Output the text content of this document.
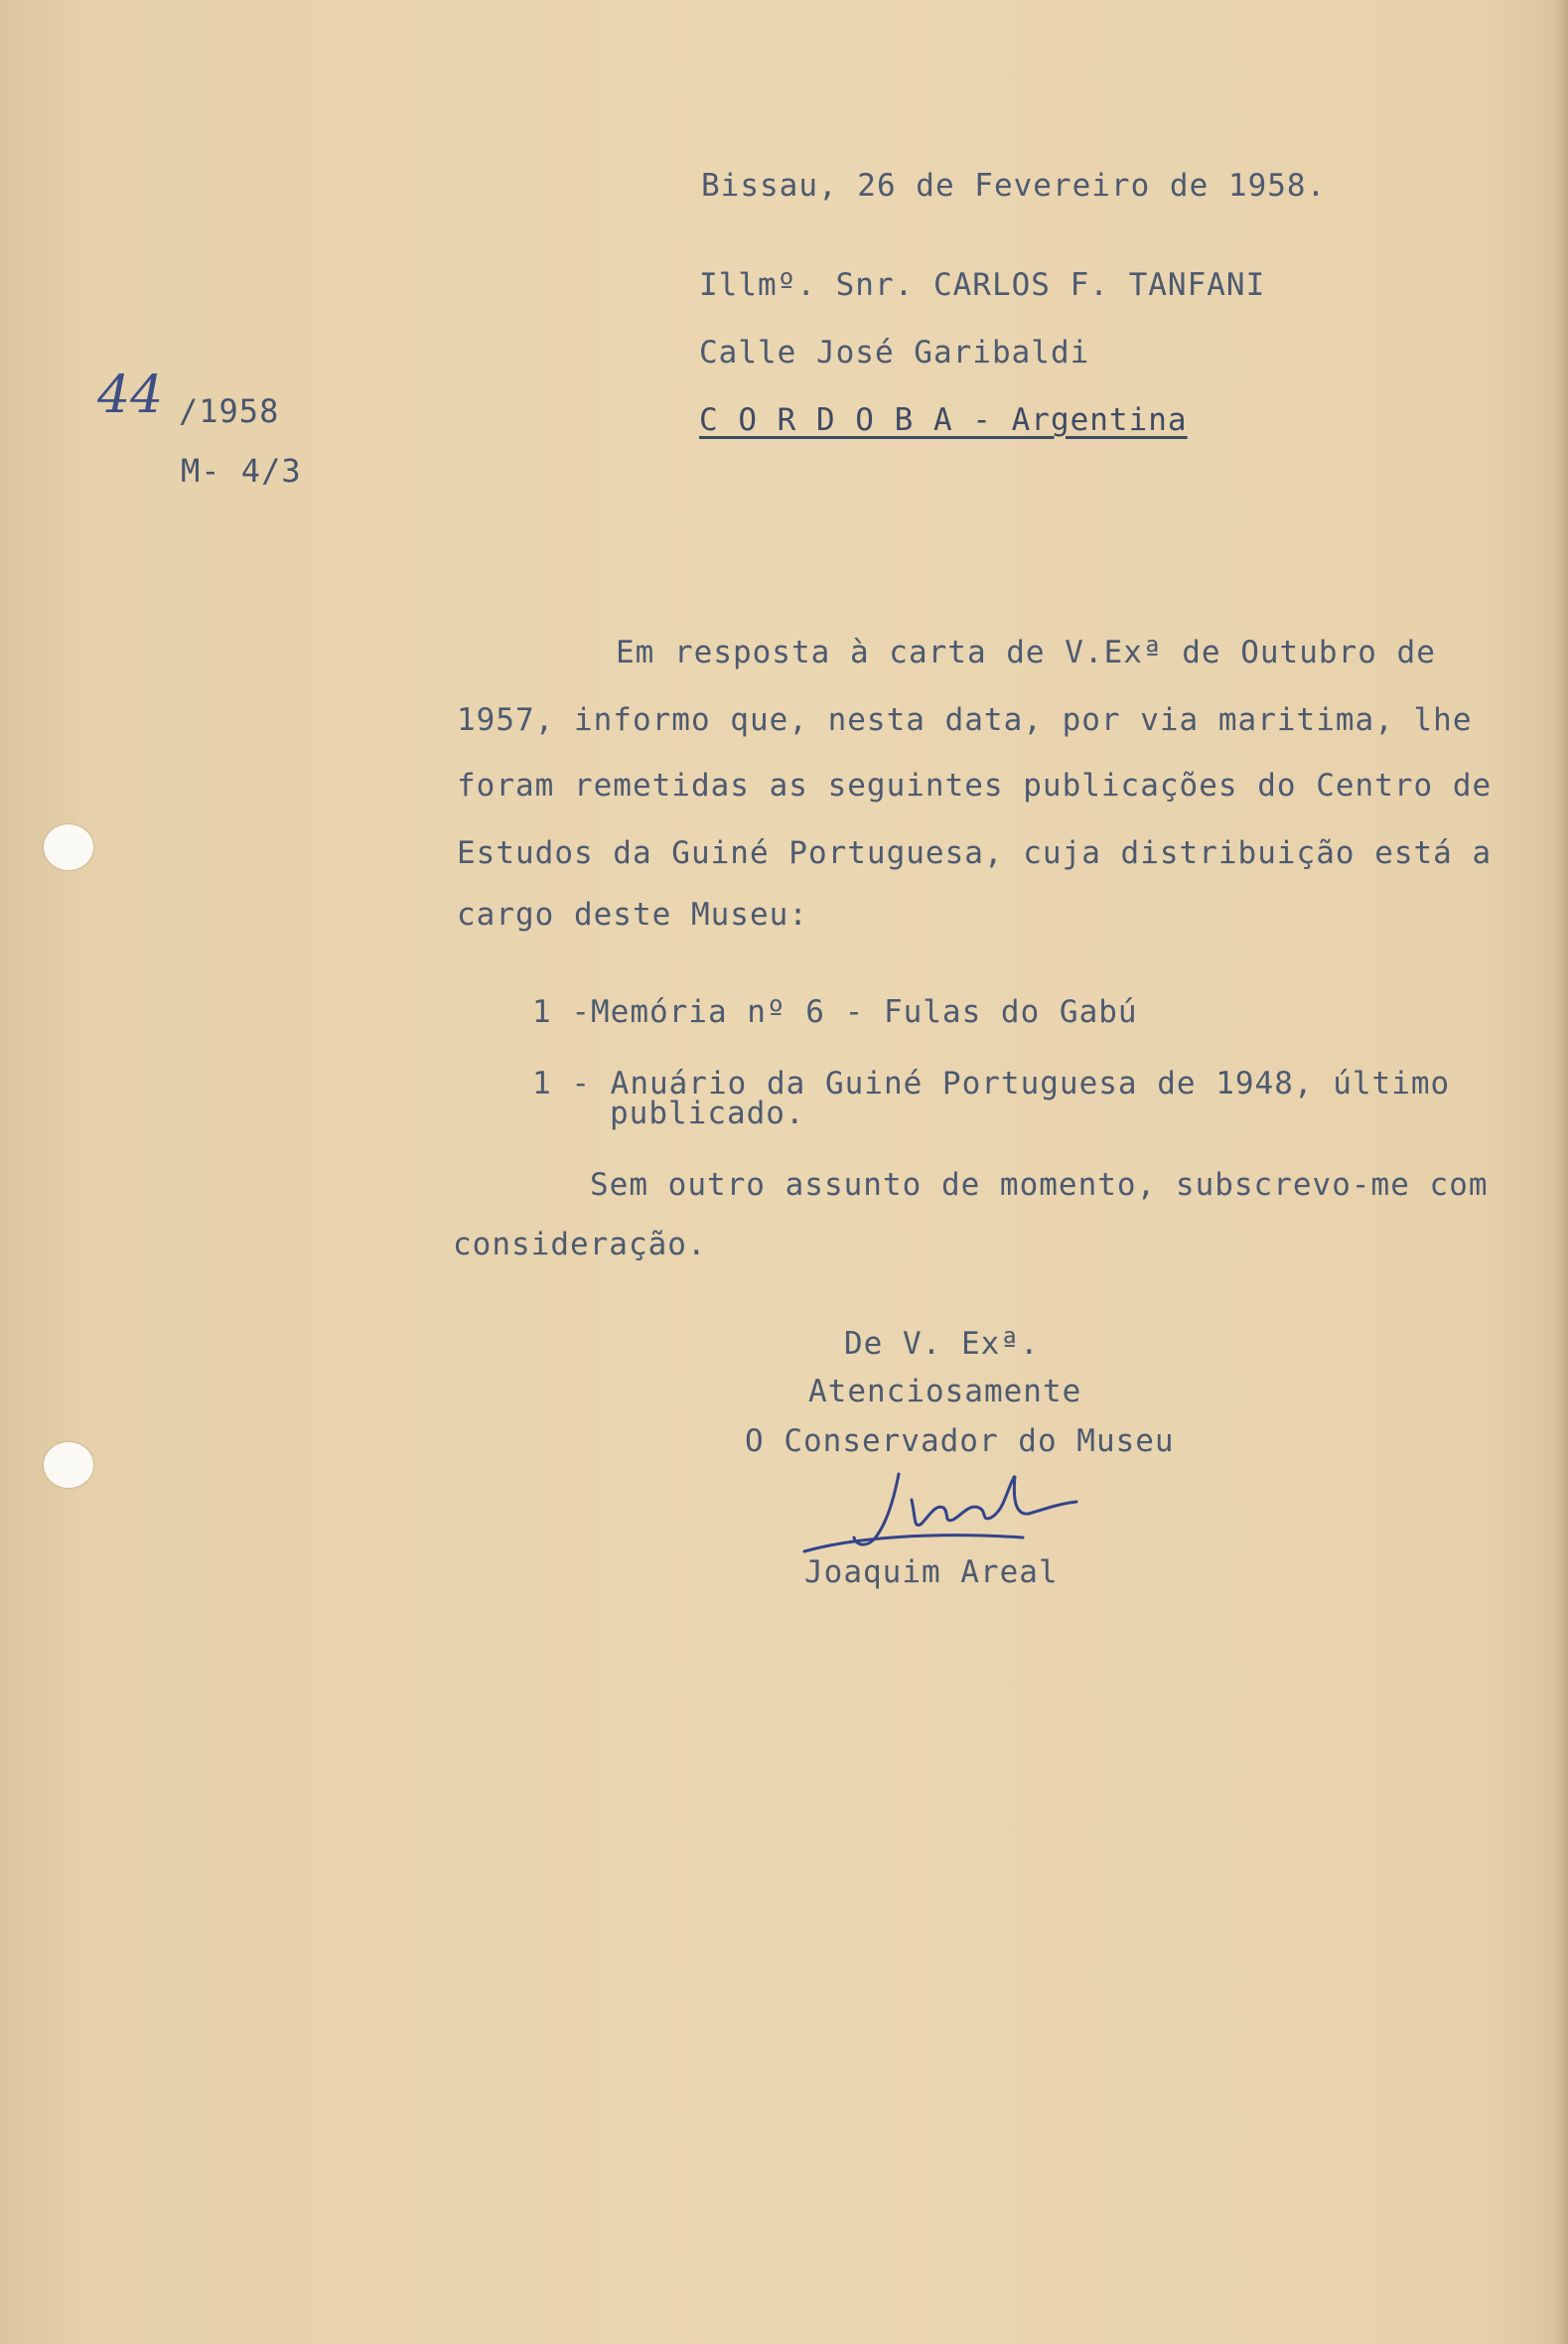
Bissau, 26 de Fevereiro de 1958.
Illmº. Snr. CARLOS F. TANFANI
Calle José Garibaldi
C O R D O B A - Argentina
44 /1958
M- 4/3
Em resposta à carta de V.Exª de Outubro de
1957, informo que, nesta data, por via maritima, lhe
foram remetidas as seguintes publicações do Centro de
Estudos da Guiné Portuguesa, cuja distribuição está a
cargo deste Museu:
1 -Memória nº 6 - Fulas do Gabú
1 - Anuário da Guiné Portuguesa de 1948, último
publicado.
Sem outro assunto de momento, subscrevo-me com
consideração.
De V. Exª.
Atenciosamente
O Conservador do Museu
Joaquim Areal
